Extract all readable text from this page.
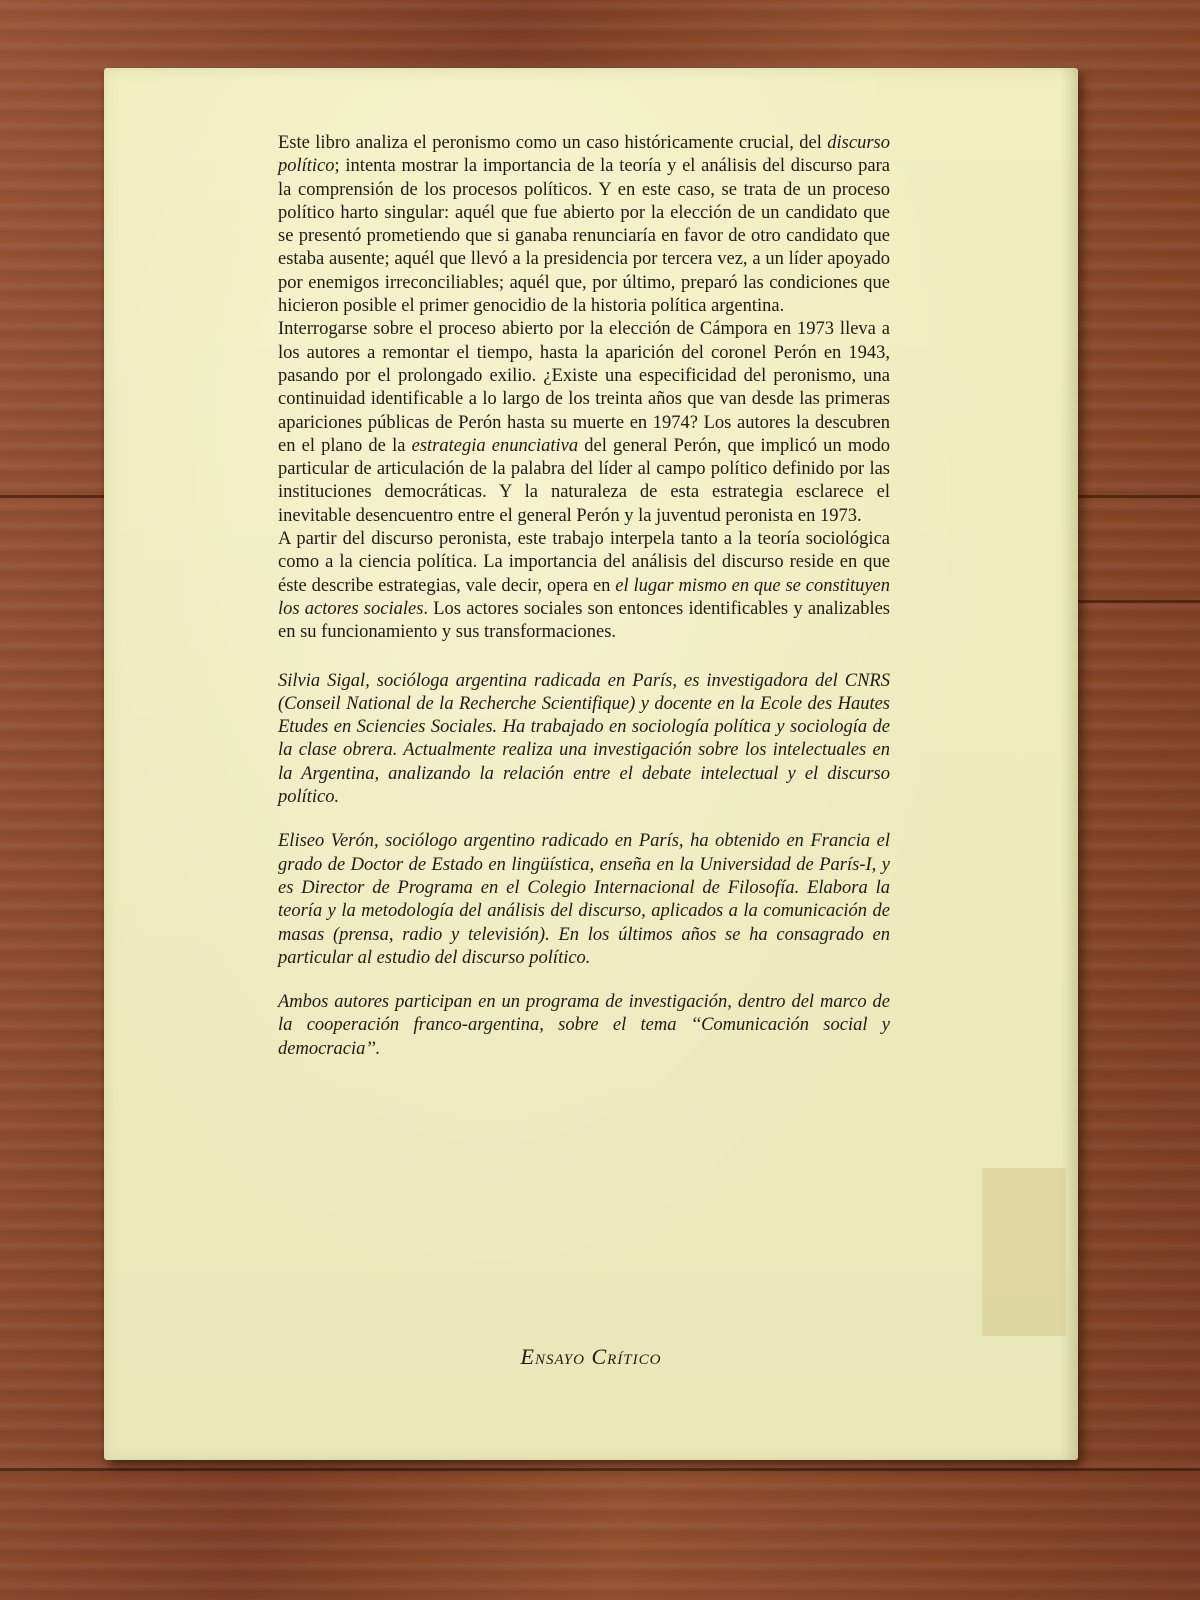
Este libro analiza el peronismo como un caso históricamente crucial, del discurso político; intenta mostrar la importancia de la teoría y el análisis del discurso para la comprensión de los procesos políticos. Y en este caso, se trata de un proceso político harto singular: aquél que fue abierto por la elección de un candidato que se presentó prometiendo que si ganaba renunciaría en favor de otro candidato que estaba ausente; aquél que llevó a la presidencia por tercera vez, a un líder apoyado por enemigos irreconciliables; aquél que, por último, preparó las condiciones que hicieron posible el primer genocidio de la historia política argentina.

Interrogarse sobre el proceso abierto por la elección de Cámpora en 1973 lleva a los autores a remontar el tiempo, hasta la aparición del coronel Perón en 1943, pasando por el prolongado exilio. ¿Existe una especificidad del peronismo, una continuidad identificable a lo largo de los treinta años que van desde las primeras apariciones públicas de Perón hasta su muerte en 1974? Los autores la descubren en el plano de la estrategia enunciativa del general Perón, que implicó un modo particular de articulación de la palabra del líder al campo político definido por las instituciones democráticas. Y la naturaleza de esta estrategia esclarece el inevitable desencuentro entre el general Perón y la juventud peronista en 1973.

A partir del discurso peronista, este trabajo interpela tanto a la teoría sociológica como a la ciencia política. La importancia del análisis del discurso reside en que éste describe estrategias, vale decir, opera en el lugar mismo en que se constituyen los actores sociales. Los actores sociales son entonces identificables y analizables en su funcionamiento y sus transformaciones.

Silvia Sigal, socióloga argentina radicada en París, es investigadora del CNRS (Conseil National de la Recherche Scientifique) y docente en la Ecole des Hautes Etudes en Sciencies Sociales. Ha trabajado en sociología política y sociología de la clase obrera. Actualmente realiza una investigación sobre los intelectuales en la Argentina, analizando la relación entre el debate intelectual y el discurso político.

Eliseo Verón, sociólogo argentino radicado en París, ha obtenido en Francia el grado de Doctor de Estado en lingüística, enseña en la Universidad de París-I, y es Director de Programa en el Colegio Internacional de Filosofía. Elabora la teoría y la metodología del análisis del discurso, aplicados a la comunicación de masas (prensa, radio y televisión). En los últimos años se ha consagrado en particular al estudio del discurso político.

Ambos autores participan en un programa de investigación, dentro del marco de la cooperación franco-argentina, sobre el tema ‘‘Comunicación social y democracia’’.

Ensayo Crítico
